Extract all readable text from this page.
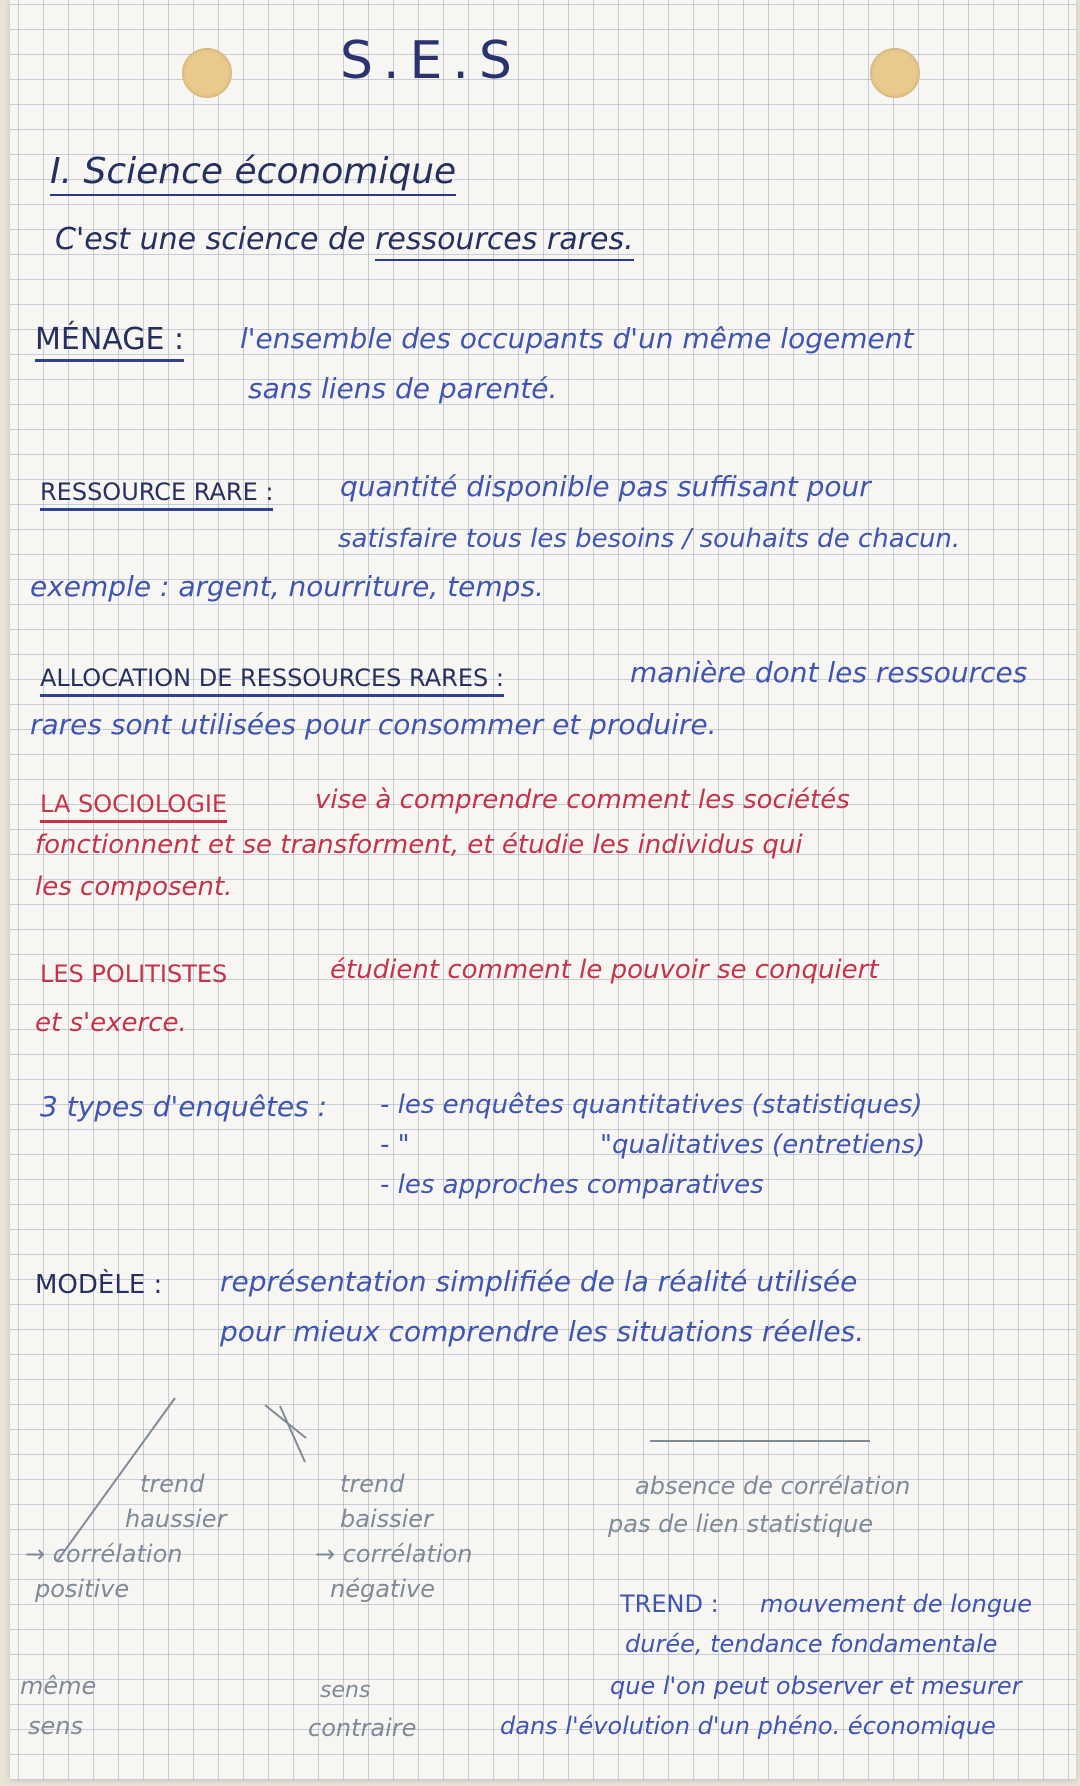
S.E.S
I. Science économique
C'est une science de ressources rares.
MÉNAGE : l'ensemble des occupants d'un même logement
sans liens de parenté.
RESSOURCE RARE : quantité disponible pas suffisant pour
satisfaire tous les besoins / souhaits de chacun.
exemple : argent, nourriture, temps.
ALLOCATION DE RESSOURCES RARES :	manière dont les ressources
rares sont utilisées pour consommer et produire.
LA SOCIOLOGIE	vise à comprendre comment les sociétés
fonctionnent et se transforment, et étudie les individus qui
les composent.
LES POLITISTES	étudient comment le pouvoir se conquiert
et s'exerce.
3 types d'enquêtes : - les enquêtes quantitatives (statistiques)
- "	"qualitatives (entretiens)
- les approches comparatives
MODÈLE : représentation simplifiée de la réalité utilisée
pour mieux comprendre les situations réelles.
trend
haussier
→ corrélation
positive
même
sens
trend
baissier
→ corrélation
négative
sens
contraire
absence de corrélation
pas de lien statistique
TREND : mouvement de longue
durée, tendance fondamentale
que l'on peut observer et mesurer
dans l'évolution d'un phéno. économique
